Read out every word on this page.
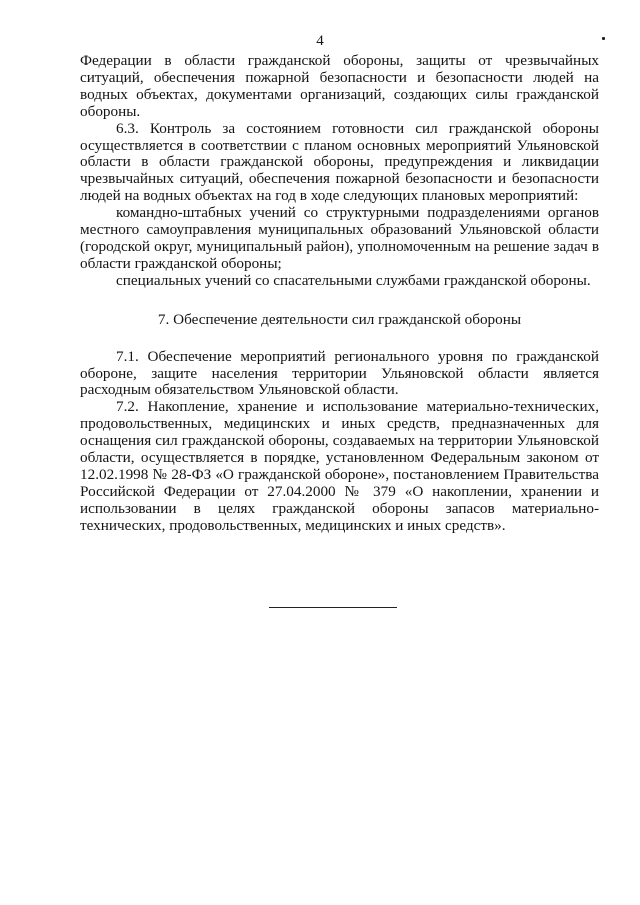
4

Федерации в области гражданской обороны, защиты от чрезвычайных ситуаций, обеспечения пожарной безопасности и безопасности людей на водных объектах, документами организаций, создающих силы гражданской обороны.

6.3. Контроль за состоянием готовности сил гражданской обороны осуществляется в соответствии с планом основных мероприятий Ульяновской области в области гражданской обороны, предупреждения и ликвидации чрезвычайных ситуаций, обеспечения пожарной безопасности и безопасности людей на водных объектах на год в ходе следующих плановых мероприятий:

командно-штабных учений со структурными подразделениями органов местного самоуправления муниципальных образований Ульяновской области (городской округ, муниципальный район), уполномоченным на решение задач в области гражданской обороны;

специальных учений со спасательными службами гражданской обороны.

7. Обеспечение деятельности сил гражданской обороны

7.1. Обеспечение мероприятий регионального уровня по гражданской обороне, защите населения территории Ульяновской области является расходным обязательством Ульяновской области.

7.2. Накопление, хранение и использование материально-технических, продовольственных, медицинских и иных средств, предназначенных для оснащения сил гражданской обороны, создаваемых на территории Ульяновской области, осуществляется в порядке, установленном Федеральным законом от 12.02.1998 № 28-ФЗ «О гражданской обороне», постановлением Правительства Российской Федерации от 27.04.2000 № 379 «О накоплении, хранении и использовании в целях гражданской обороны запасов материально-технических, продовольственных, медицинских и иных средств».
